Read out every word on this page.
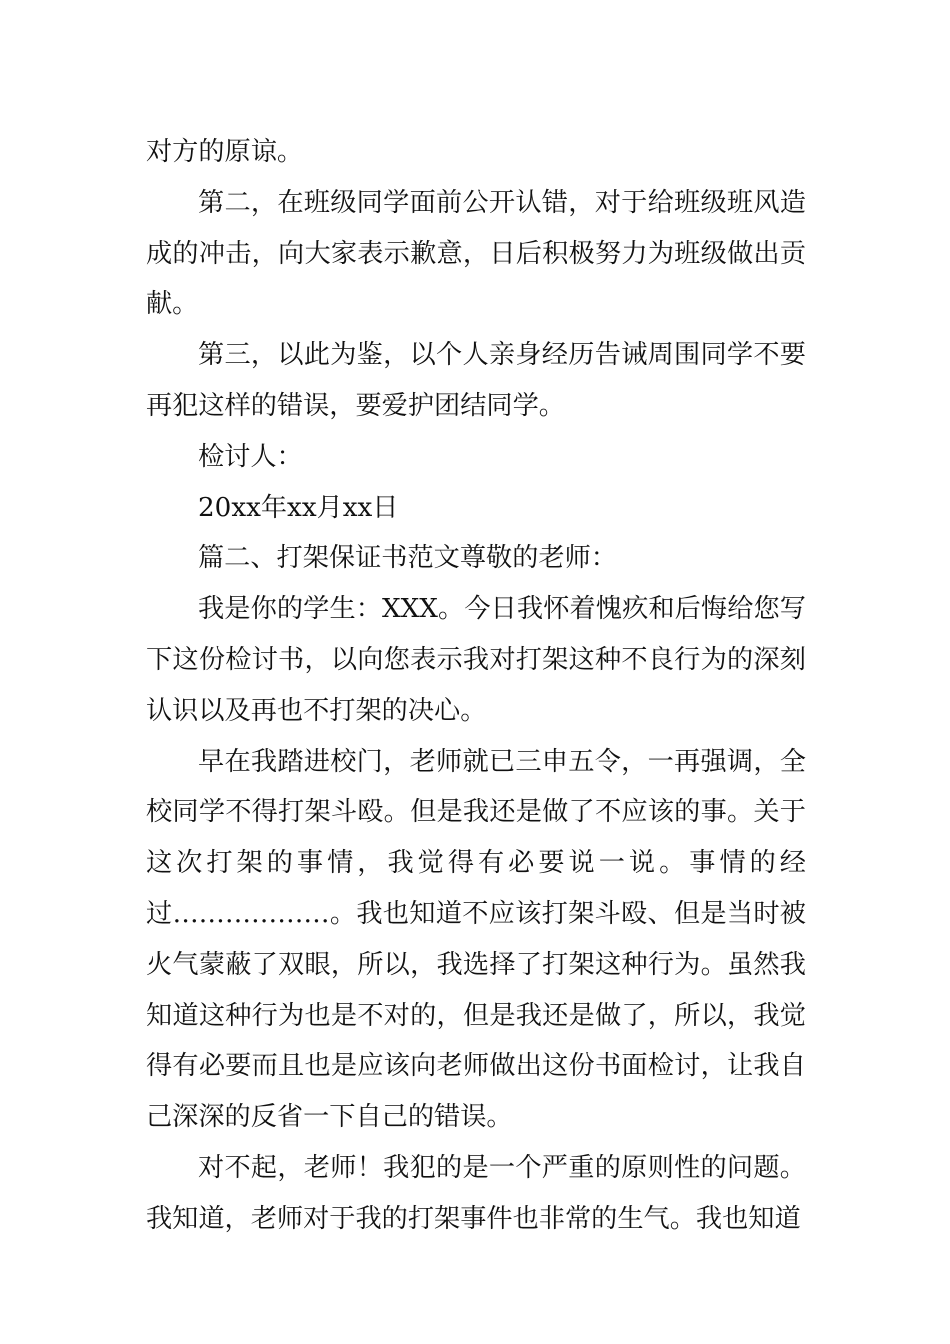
对方的原谅。

第二，在班级同学面前公开认错，对于给班级班风造成的冲击，向大家表示歉意，日后积极努力为班级做出贡献。

第三，以此为鉴，以个人亲身经历告诫周围同学不要再犯这样的错误，要爱护团结同学。

检讨人：

20xx年xx月xx日

篇二、打架保证书范文尊敬的老师：

我是你的学生：XXX。今日我怀着愧疚和后悔给您写下这份检讨书，以向您表示我对打架这种不良行为的深刻认识以及再也不打架的决心。

早在我踏进校门，老师就已三申五令，一再强调，全校同学不得打架斗殴。但是我还是做了不应该的事。关于这次打架的事情，我觉得有必要说一说。事情的经过………………。我也知道不应该打架斗殴、但是当时被火气蒙蔽了双眼，所以，我选择了打架这种行为。虽然我知道这种行为也是不对的，但是我还是做了，所以，我觉得有必要而且也是应该向老师做出这份书面检讨，让我自己深深的反省一下自己的错误。

对不起，老师！我犯的是一个严重的原则性的问题。我知道，老师对于我的打架事件也非常的生气。我也知道
